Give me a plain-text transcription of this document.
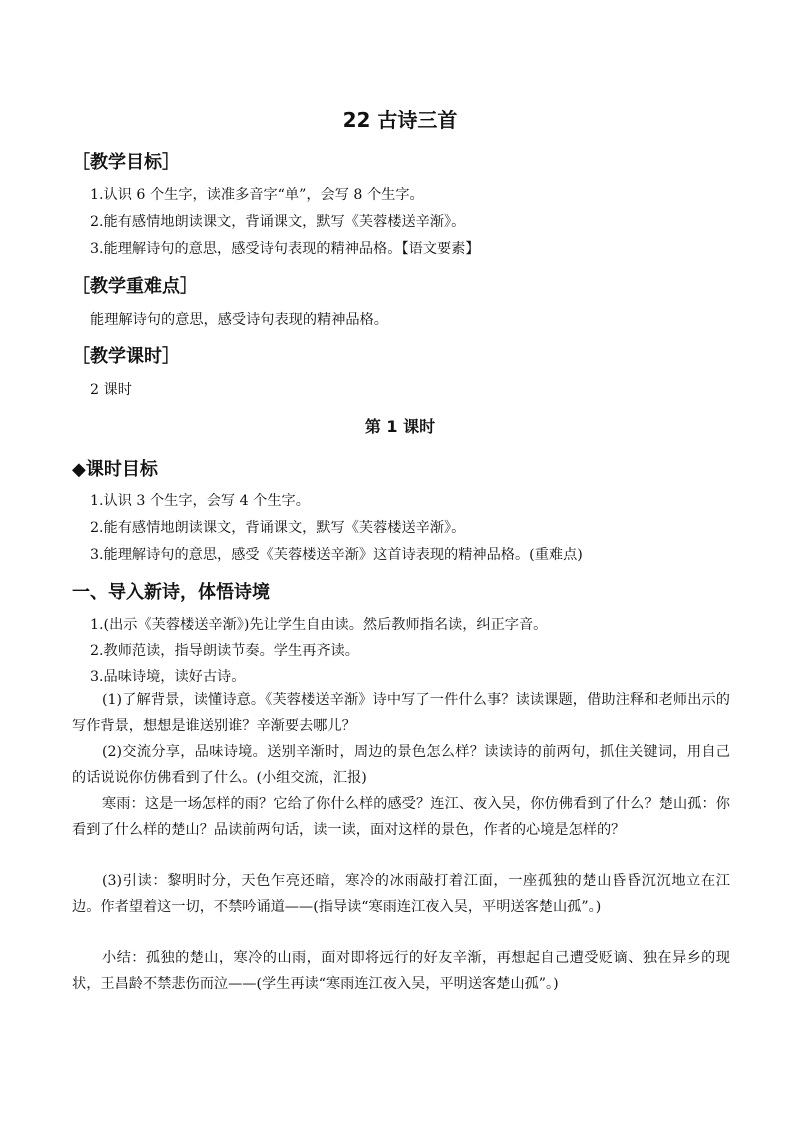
22 古诗三首
［教学目标］
1.认识 6 个生字，读准多音字“单”，会写 8 个生字。
2.能有感情地朗读课文，背诵课文，默写《芙蓉楼送辛渐》。
3.能理解诗句的意思，感受诗句表现的精神品格。【语文要素】
［教学重难点］
能理解诗句的意思，感受诗句表现的精神品格。
［教学课时］
2 课时
第 1 课时
◆课时目标
1.认识 3 个生字，会写 4 个生字。
2.能有感情地朗读课文，背诵课文，默写《芙蓉楼送辛渐》。
3.能理解诗句的意思，感受《芙蓉楼送辛渐》这首诗表现的精神品格。(重难点)
一、导入新诗，体悟诗境
1.(出示《芙蓉楼送辛渐》)先让学生自由读。然后教师指名读，纠正字音。
2.教师范读，指导朗读节奏。学生再齐读。
3.品味诗境，读好古诗。
(1)了解背景，读懂诗意。《芙蓉楼送辛渐》诗中写了一件什么事？读读课题，借助注释和老师出示的写作背景，想想是谁送别谁？辛渐要去哪儿？
(2)交流分享，品味诗境。送别辛渐时，周边的景色怎么样？读读诗的前两句，抓住关键词，用自己的话说说你仿佛看到了什么。(小组交流，汇报)
寒雨：这是一场怎样的雨？它给了你什么样的感受？连江、夜入吴，你仿佛看到了什么？楚山孤：你看到了什么样的楚山？品读前两句话，读一读，面对这样的景色，作者的心境是怎样的？
(3)引读：黎明时分，天色乍亮还暗，寒冷的冰雨敲打着江面，一座孤独的楚山昏昏沉沉地立在江边。作者望着这一切，不禁吟诵道——(指导读“寒雨连江夜入吴，平明送客楚山孤”。)
小结：孤独的楚山，寒冷的山雨，面对即将远行的好友辛渐，再想起自己遭受贬谪、独在异乡的现状，王昌龄不禁悲伤而泣——(学生再读“寒雨连江夜入吴，平明送客楚山孤”。)
